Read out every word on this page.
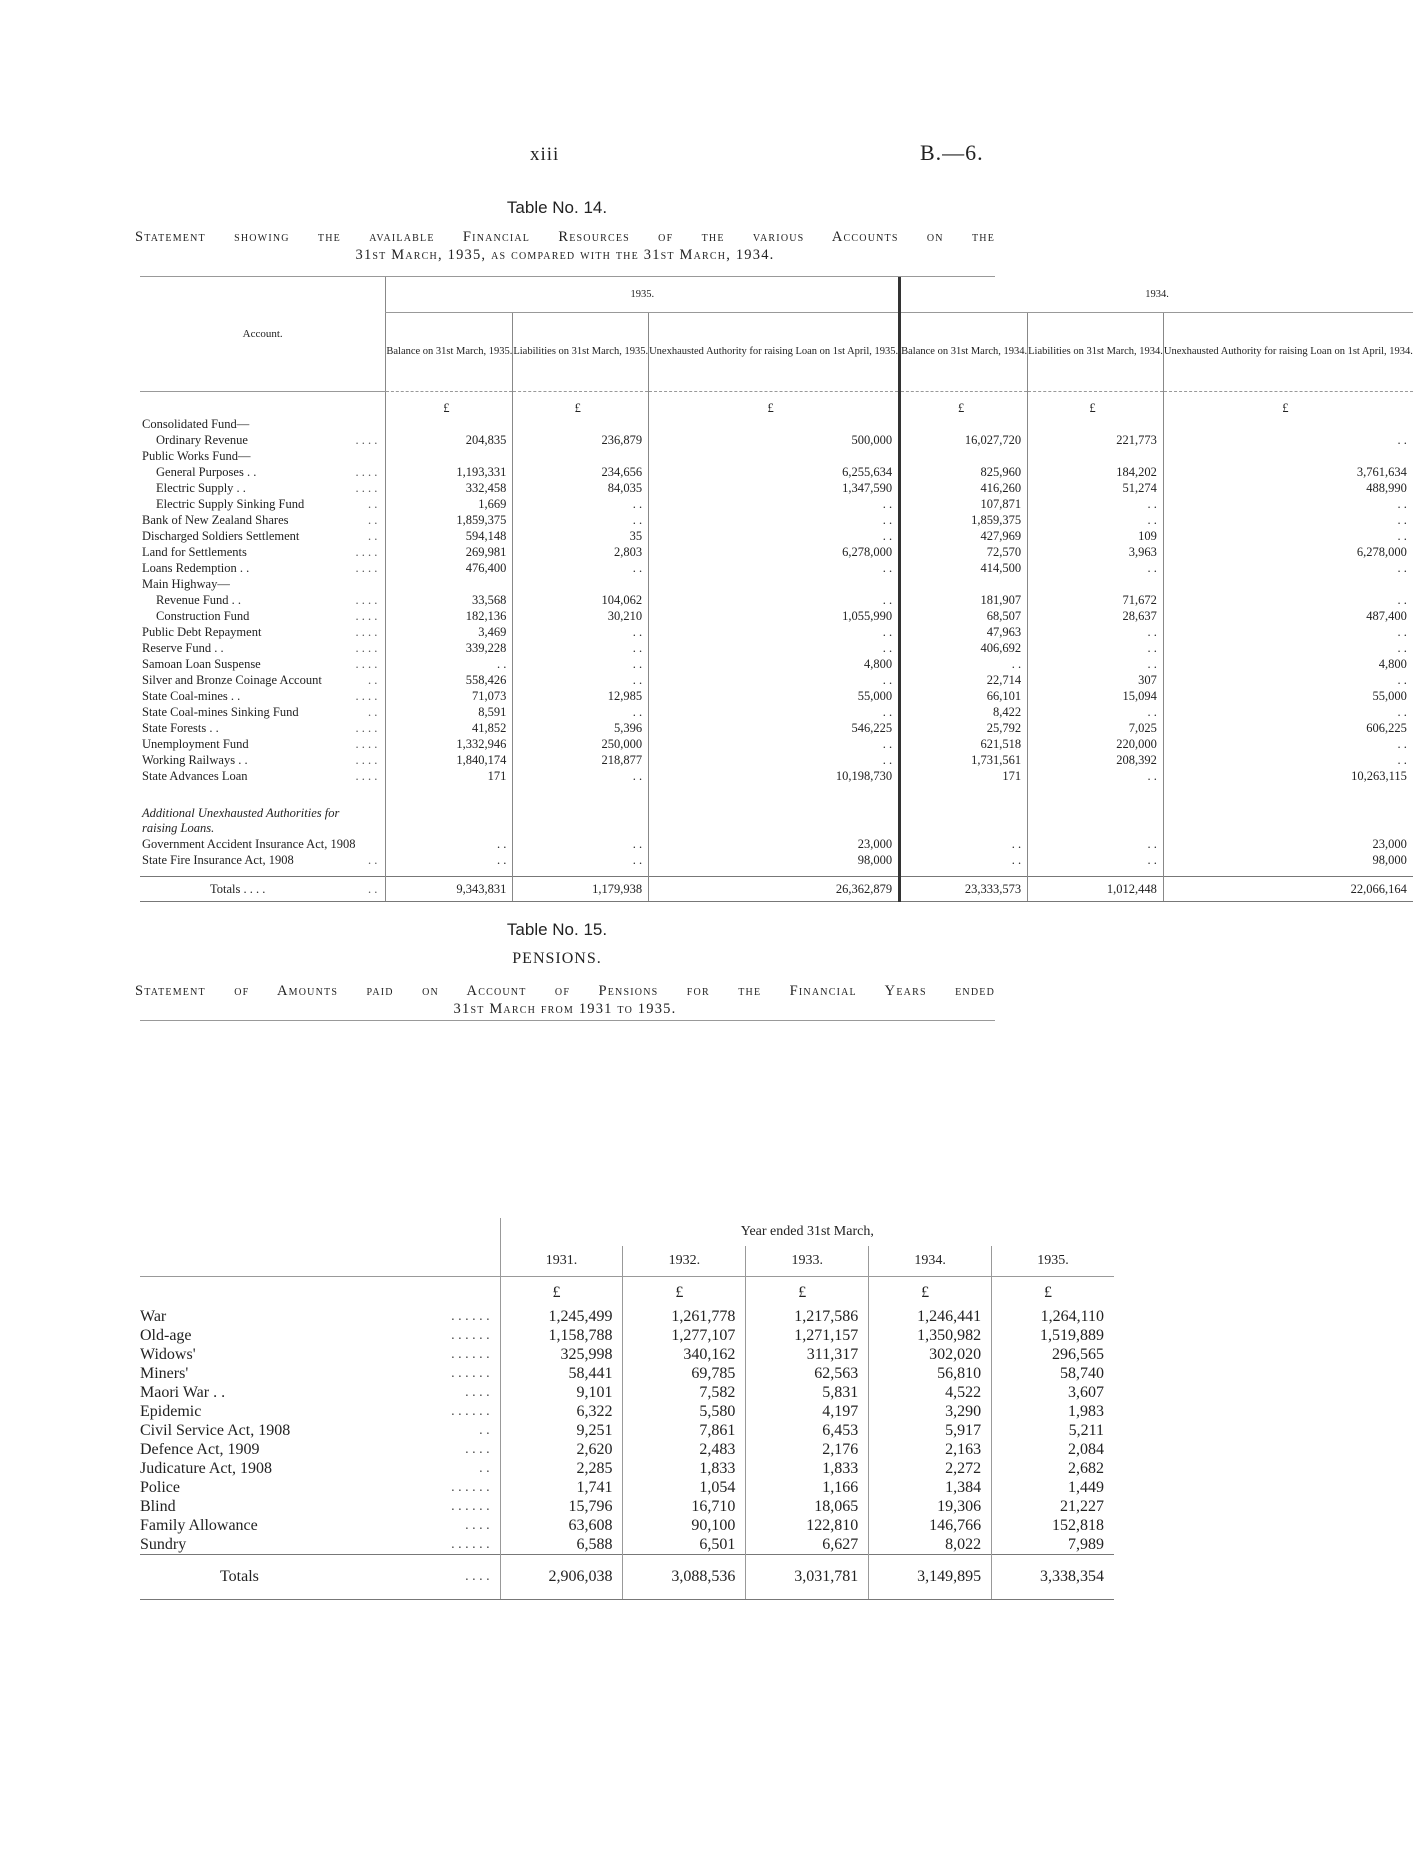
xiii	B.—6.
Table No. 14.
Statement showing the available Financial Resources of the various Accounts on the
31st March, 1935, as compared with the 31st March, 1934.
Account.		1935.			1934.		
		Balance on 31st March, 1935.	Liabilities on 31st March, 1935.	Unexhausted Authority for raising Loan on 1st April, 1935.	Balance on 31st March, 1934.	Liabilities on 31st March, 1934.	Unexhausted Authority for raising Loan on 1st April, 1934.

		£	£	£	£	£	£
Consolidated Fund—							
Ordinary Revenue	. . . .	204,835	236,879	500,000	16,027,720	221,773	. .
Public Works Fund—							
General Purposes . .	. . . .	1,193,331	234,656	6,255,634	825,960	184,202	3,761,634
Electric Supply . .	. . . .	332,458	84,035	1,347,590	416,260	51,274	488,990
Electric Supply Sinking Fund	. .	1,669	. .	. .	107,871	. .	. .
Bank of New Zealand Shares	. .	1,859,375	. .	. .	1,859,375	. .	. .
Discharged Soldiers Settlement	. .	594,148	35	. .	427,969	109	. .
Land for Settlements	. . . .	269,981	2,803	6,278,000	72,570	3,963	6,278,000
Loans Redemption . .	. . . .	476,400	. .	. .	414,500	. .	. .
Main Highway—							
Revenue Fund . .	. . . .	33,568	104,062	. .	181,907	71,672	. .
Construction Fund	. . . .	182,136	30,210	1,055,990	68,507	28,637	487,400
Public Debt Repayment	. . . .	3,469	. .	. .	47,963	. .	. .
Reserve Fund . .	. . . .	339,228	. .	. .	406,692	. .	. .
Samoan Loan Suspense	. . . .	. .	. .	4,800	. .	. .	4,800
Silver and Bronze Coinage Account	. .	558,426	. .	. .	22,714	307	. .
State Coal-mines . .	. . . .	71,073	12,985	55,000	66,101	15,094	55,000
State Coal-mines Sinking Fund	. .	8,591	. .	. .	8,422	. .	. .
State Forests . .	. . . .	41,852	5,396	546,225	25,792	7,025	606,225
Unemployment Fund	. . . .	1,332,946	250,000	. .	621,518	220,000	. .
Working Railways . .	. . . .	1,840,174	218,877	. .	1,731,561	208,392	. .
State Advances Loan	. . . .	171	. .	10,198,730	171	. .	10,263,115

Additional Unexhausted Authorities for raising Loans.							
Government Accident Insurance Act, 1908		. .	. .	23,000	. .	. .	23,000
State Fire Insurance Act, 1908	. .	. .	. .	98,000	. .	. .	98,000

Totals . . . .	. .	9,343,831	1,179,938	26,362,879	23,333,573	1,012,448	22,066,164
Table No. 15.
PENSIONS.
Statement of Amounts paid on Account of Pensions for the Financial Years ended
31st March from 1931 to 1935.
		Year ended 31st March,				
		1931.	1932.	1933.	1934.	1935.
		£	£	£	£	£
War	. . . . . .	1,245,499	1,261,778	1,217,586	1,246,441	1,264,110
Old-age	. . . . . .	1,158,788	1,277,107	1,271,157	1,350,982	1,519,889
Widows'	. . . . . .	325,998	340,162	311,317	302,020	296,565
Miners'	. . . . . .	58,441	69,785	62,563	56,810	58,740
Maori War . .	. . . .	9,101	7,582	5,831	4,522	3,607
Epidemic	. . . . . .	6,322	5,580	4,197	3,290	1,983
Civil Service Act, 1908	. .	9,251	7,861	6,453	5,917	5,211
Defence Act, 1909	. . . .	2,620	2,483	2,176	2,163	2,084
Judicature Act, 1908	. .	2,285	1,833	1,833	2,272	2,682
Police	. . . . . .	1,741	1,054	1,166	1,384	1,449
Blind	. . . . . .	15,796	16,710	18,065	19,306	21,227
Family Allowance	. . . .	63,608	90,100	122,810	146,766	152,818
Sundry	. . . . . .	6,588	6,501	6,627	8,022	7,989
Totals	. . . .	2,906,038	3,088,536	3,031,781	3,149,895	3,338,354
